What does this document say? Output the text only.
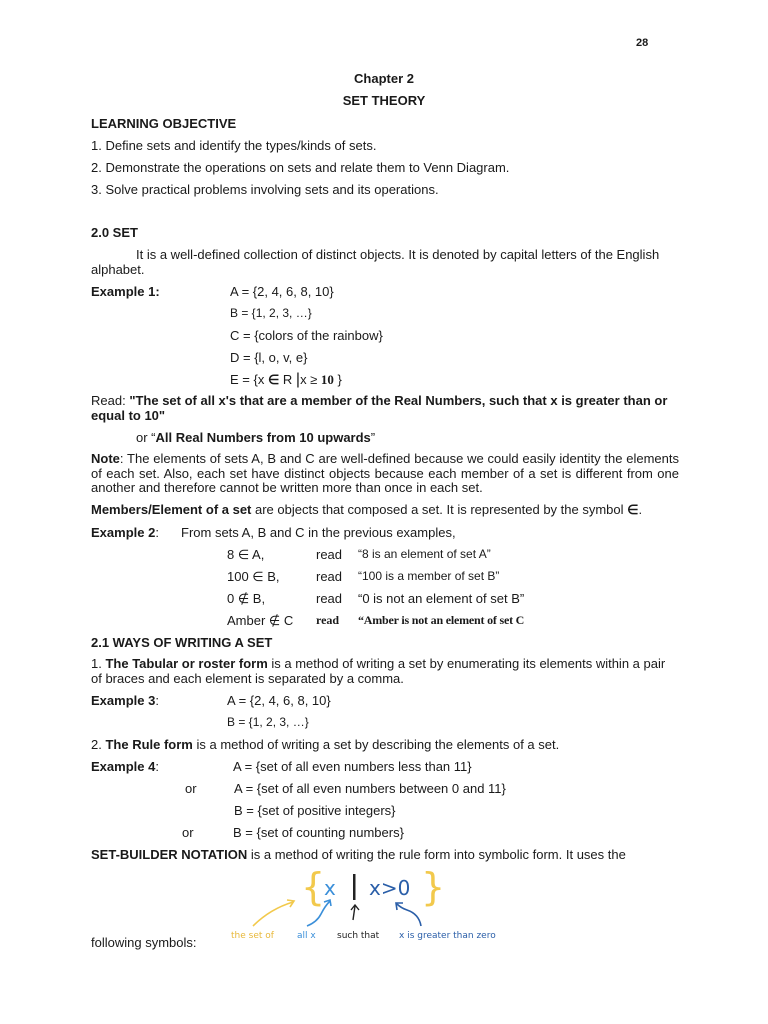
28
Chapter 2
SET THEORY
LEARNING OBJECTIVE
1. Define sets and identify the types/kinds of sets.
2. Demonstrate the operations on sets and relate them to Venn Diagram.
3. Solve practical problems involving sets and its operations.
2.0 SET
It is a well-defined collection of distinct objects. It is denoted by capital letters of the English alphabet.
Example 1:	A = {2, 4, 6, 8, 10}
B = {1, 2, 3, …}
C = {colors of the rainbow}
D = {l, o, v, e}
E = {x ∈ R |x ≥ 10 }
Read: "The set of all x's that are a member of the Real Numbers, such that x is greater than or equal to 10"
or “All Real Numbers from 10 upwards”
Note: The elements of sets A, B and C are well-defined because we could easily identity the elements of each set. Also, each set have distinct objects because each member of a set is different from one another and therefore cannot be written more than once in each set.
Members/Element of a set are objects that composed a set. It is represented by the symbol ∈.
Example 2: From sets A, B and C in the previous examples,
8 ∈ A,	read “8 is an element of set A”
100 ∈ B,	read “100 is a member of set B”
0 ∉ B,	read “0 is not an element of set B”
Amber ∉ C read “Amber is not an element of set C
2.1 WAYS OF WRITING A SET
1. The Tabular or roster form is a method of writing a set by enumerating its elements within a pair of braces and each element is separated by a comma.
Example 3:	A = {2, 4, 6, 8, 10}
B = {1, 2, 3, …}
2. The Rule form is a method of writing a set by describing the elements of a set.
Example 4:	A = {set of all even numbers less than 11}
or	A = {set of all even numbers between 0 and 11}
B = {set of positive integers}
or	B = {set of counting numbers}
SET-BUILDER NOTATION is a method of writing the rule form into symbolic form. It uses the
following symbols:
{	}
x x>0
the set of	all x such that x is greater than zero
